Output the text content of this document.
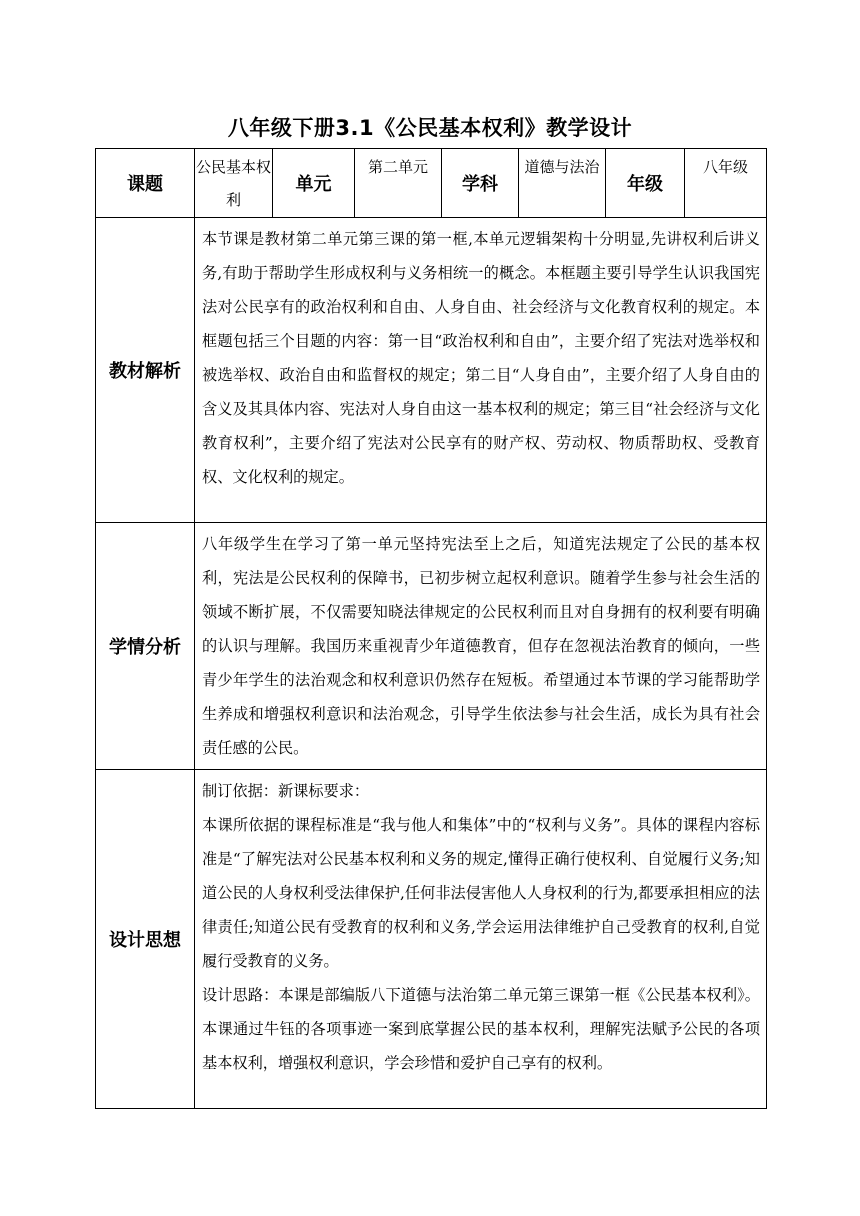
八年级下册3.1《公民基本权利》教学设计
课题	公民基本权利	单元	第二单元	学科	道德与法治	年级	八年级
教材解析	本节课是教材第二单元第三课的第一框,本单元逻辑架构十分明显,先讲权利后讲义务,有助于帮助学生形成权利与义务相统一的概念。本框题主要引导学生认识我国宪法对公民享有的政治权利和自由、人身自由、社会经济与文化教育权利的规定。本框题包括三个目题的内容：第一目“政治权利和自由”，主要介绍了宪法对选举权和被选举权、政治自由和监督权的规定；第二目“人身自由”，主要介绍了人身自由的含义及其具体内容、宪法对人身自由这一基本权利的规定；第三目“社会经济与文化教育权利”，主要介绍了宪法对公民享有的财产权、劳动权、物质帮助权、受教育权、文化权利的规定。						

学情分析	八年级学生在学习了第一单元坚持宪法至上之后，知道宪法规定了公民的基本权利，宪法是公民权利的保障书，已初步树立起权利意识。随着学生参与社会生活的领域不断扩展，不仅需要知晓法律规定的公民权利而且对自身拥有的权利要有明确的认识与理解。我国历来重视青少年道德教育，但存在忽视法治教育的倾向，一些青少年学生的法治观念和权利意识仍然存在短板。希望通过本节课的学习能帮助学生养成和增强权利意识和法治观念，引导学生依法参与社会生活，成长为具有社会责任感的公民。						

设计思想	制订依据：新课标要求：

本课所依据的课程标准是“我与他人和集体”中的“权利与义务”。具体的课程内容标准是“了解宪法对公民基本权利和义务的规定,懂得正确行使权利、自觉履行义务;知道公民的人身权利受法律保护,任何非法侵害他人人身权利的行为,都要承担相应的法律责任;知道公民有受教育的权利和义务,学会运用法律维护自己受教育的权利,自觉履行受教育的义务。

设计思路：本课是部编版八下道德与法治第二单元第三课第一框《公民基本权利》。本课通过牛钰的各项事迹一案到底掌握公民的基本权利，理解宪法赋予公民的各项基本权利，增强权利意识，学会珍惜和爱护自己享有的权利。						
